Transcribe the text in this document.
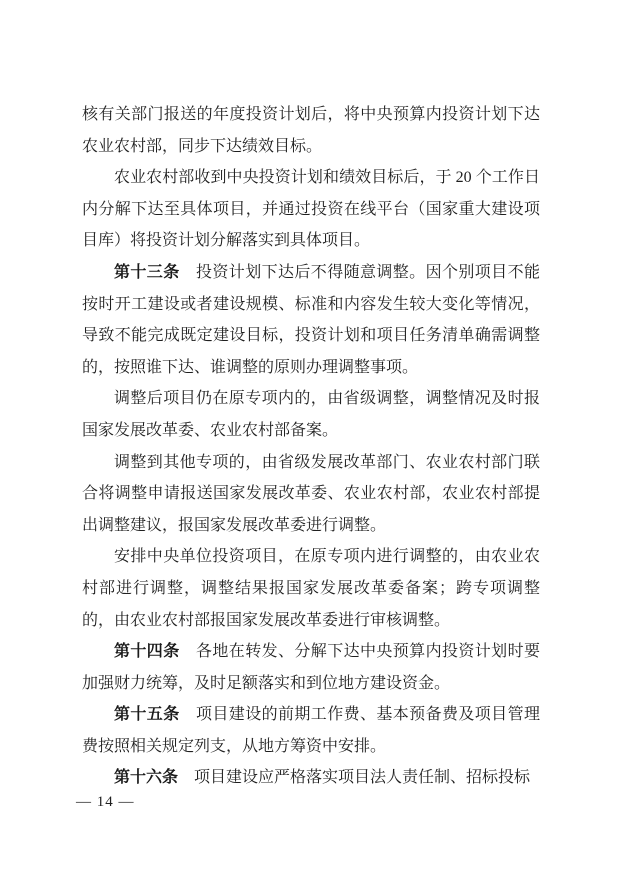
核有关部门报送的年度投资计划后，将中央预算内投资计划下达农业农村部，同步下达绩效目标。

农业农村部收到中央投资计划和绩效目标后，于 20 个工作日内分解下达至具体项目，并通过投资在线平台（国家重大建设项目库）将投资计划分解落实到具体项目。

第十三条　投资计划下达后不得随意调整。因个别项目不能按时开工建设或者建设规模、标准和内容发生较大变化等情况，导致不能完成既定建设目标，投资计划和项目任务清单确需调整的，按照谁下达、谁调整的原则办理调整事项。

调整后项目仍在原专项内的，由省级调整，调整情况及时报国家发展改革委、农业农村部备案。

调整到其他专项的，由省级发展改革部门、农业农村部门联合将调整申请报送国家发展改革委、农业农村部，农业农村部提出调整建议，报国家发展改革委进行调整。

安排中央单位投资项目，在原专项内进行调整的，由农业农村部进行调整，调整结果报国家发展改革委备案；跨专项调整的，由农业农村部报国家发展改革委进行审核调整。

第十四条　各地在转发、分解下达中央预算内投资计划时要加强财力统筹，及时足额落实和到位地方建设资金。

第十五条　项目建设的前期工作费、基本预备费及项目管理费按照相关规定列支，从地方筹资中安排。

第十六条　项目建设应严格落实项目法人责任制、招标投标

— 14 —
